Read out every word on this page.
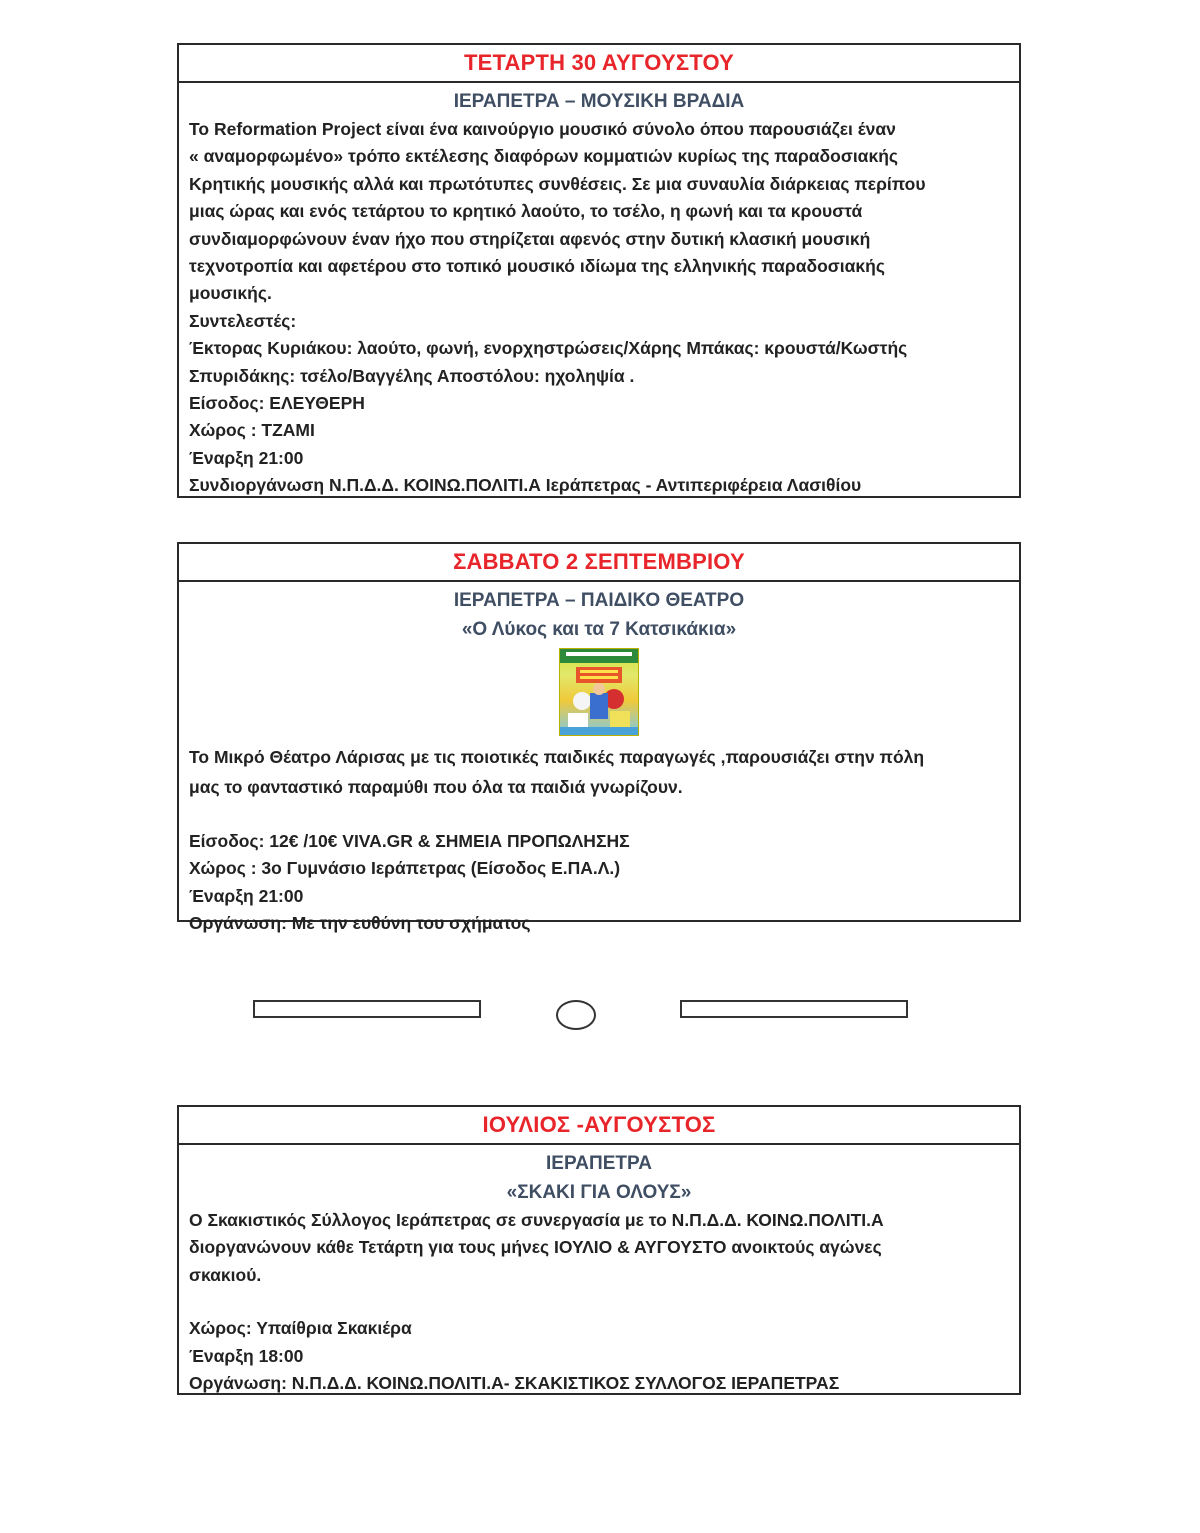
ΤΕΤΑΡΤΗ 30 ΑΥΓΟΥΣΤΟΥ
ΙΕΡΑΠΕΤΡΑ – ΜΟΥΣΙΚΗ ΒΡΑΔΙΑ

Το Reformation Project είναι ένα καινούργιο μουσικό σύνολο όπου παρουσιάζει έναν

« αναμορφωμένο» τρόπο εκτέλεσης διαφόρων κομματιών κυρίως της παραδοσιακής

Κρητικής μουσικής αλλά και πρωτότυπες συνθέσεις. Σε μια συναυλία διάρκειας περίπου

μιας ώρας και ενός τετάρτου το κρητικό λαούτο, το τσέλο, η φωνή και τα κρουστά

συνδιαμορφώνουν έναν ήχο που στηρίζεται αφενός στην δυτική κλασική μουσική

τεχνοτροπία και αφετέρου στο τοπικό μουσικό ιδίωμα της ελληνικής παραδοσιακής

μουσικής.

Συντελεστές:

Έκτορας Κυριάκου: λαούτο, φωνή, ενορχηστρώσεις/Χάρης Μπάκας: κρουστά/Κωστής

Σπυριδάκης: τσέλο/Βαγγέλης Αποστόλου: ηχοληψία .

Είσοδος: ΕΛΕΥΘΕΡΗ

Χώρος : ΤΖΑΜΙ

Έναρξη 21:00

Συνδιοργάνωση Ν.Π.Δ.Δ. ΚΟΙΝΩ.ΠΟΛΙΤΙ.Α Ιεράπετρας - Αντιπεριφέρεια Λασιθίου

ΣΑΒΒΑΤΟ 2 ΣΕΠΤΕΜΒΡΙΟΥ
ΙΕΡΑΠΕΤΡΑ – ΠΑΙΔΙΚΟ ΘΕΑΤΡΟ
«Ο Λύκος και τα 7 Κατσικάκια»

Το Μικρό Θέατρο Λάρισας με τις ποιοτικές παιδικές παραγωγές ,παρουσιάζει στην πόλη

μας το φανταστικό παραμύθι που όλα τα παιδιά γνωρίζουν.

Είσοδος: 12€ /10€ VIVA.GR & ΣΗΜΕΙΑ ΠΡΟΠΩΛΗΣΗΣ

Χώρος : 3ο Γυμνάσιο Ιεράπετρας (Είσοδος Ε.ΠΑ.Λ.)

Έναρξη 21:00

Οργάνωση: Με την ευθύνη του σχήματος

ΙΟΥΛΙΟΣ -ΑΥΓΟΥΣΤΟΣ
ΙΕΡΑΠΕΤΡΑ
«ΣΚΑΚΙ ΓΙΑ ΟΛΟΥΣ»

Ο Σκακιστικός Σύλλογος Ιεράπετρας σε συνεργασία με το Ν.Π.Δ.Δ. ΚΟΙΝΩ.ΠΟΛΙΤΙ.Α

διοργανώνουν κάθε Τετάρτη για τους μήνες ΙΟΥΛΙΟ & ΑΥΓΟΥΣΤΟ ανοικτούς αγώνες

σκακιού.

Χώρος: Υπαίθρια Σκακιέρα

Έναρξη 18:00

Οργάνωση: Ν.Π.Δ.Δ. ΚΟΙΝΩ.ΠΟΛΙΤΙ.Α- ΣΚΑΚΙΣΤΙΚΟΣ ΣΥΛΛΟΓΟΣ ΙΕΡΑΠΕΤΡΑΣ
